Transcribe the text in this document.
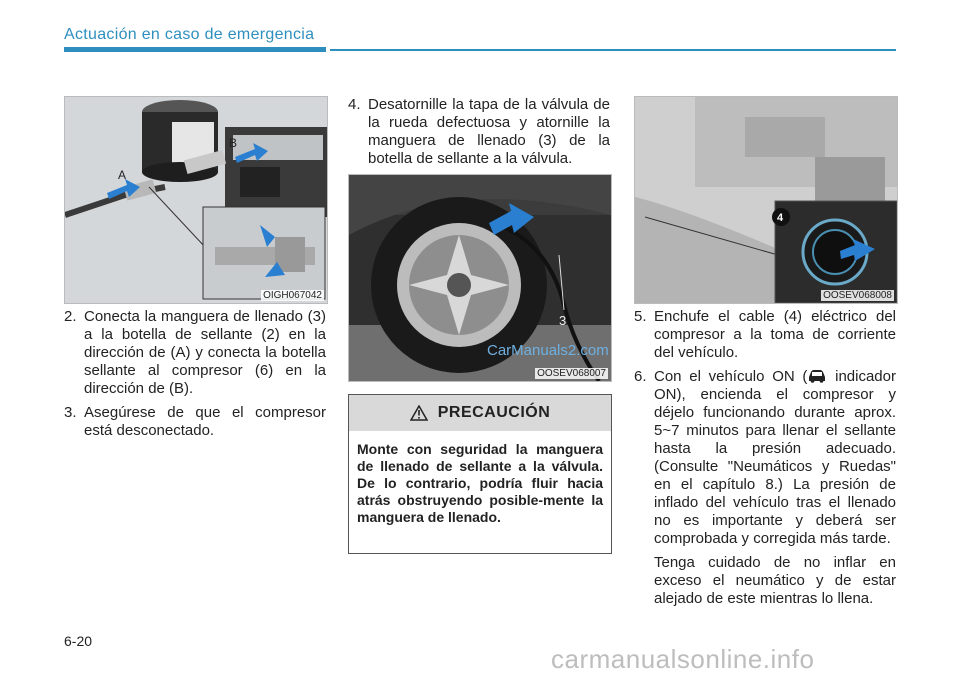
Actuación en caso de emergencia
A
B
OIGH067042
3
OOSEV068007
CarManuals2.com
4
OOSEV068008
2. Conecta la manguera de llenado (3) a la botella de sellante (2) en la dirección de (A) y conecta la botella sellante al compresor (6) en la dirección de (B).
3. Asegúrese de que el compresor está desconectado.
4. Desatornille la tapa de la válvula de la rueda defectuosa y atornille la manguera de llenado (3) de la botella de sellante a la válvula.
PRECAUCIÓN
Monte con seguridad la manguera de llenado de sellante a la válvula. De lo contrario, podría fluir hacia atrás obstruyendo posible-mente la manguera de llenado.
5. Enchufe el cable (4) eléctrico del compresor a la toma de corriente del vehículo.
6. Con el vehículo ON ( indicador ON), encienda el compresor y déjelo funcionando durante aprox. 5~7 minutos para llenar el sellante hasta la presión adecuado. (Consulte "Neumáticos y Ruedas" en el capítulo 8.) La presión de inflado del vehículo tras el llenado no es importante y deberá ser comprobada y corregida más tarde.
Tenga cuidado de no inflar en exceso el neumático y de estar alejado de este mientras lo llena.
6-20
carmanualsonline.info
